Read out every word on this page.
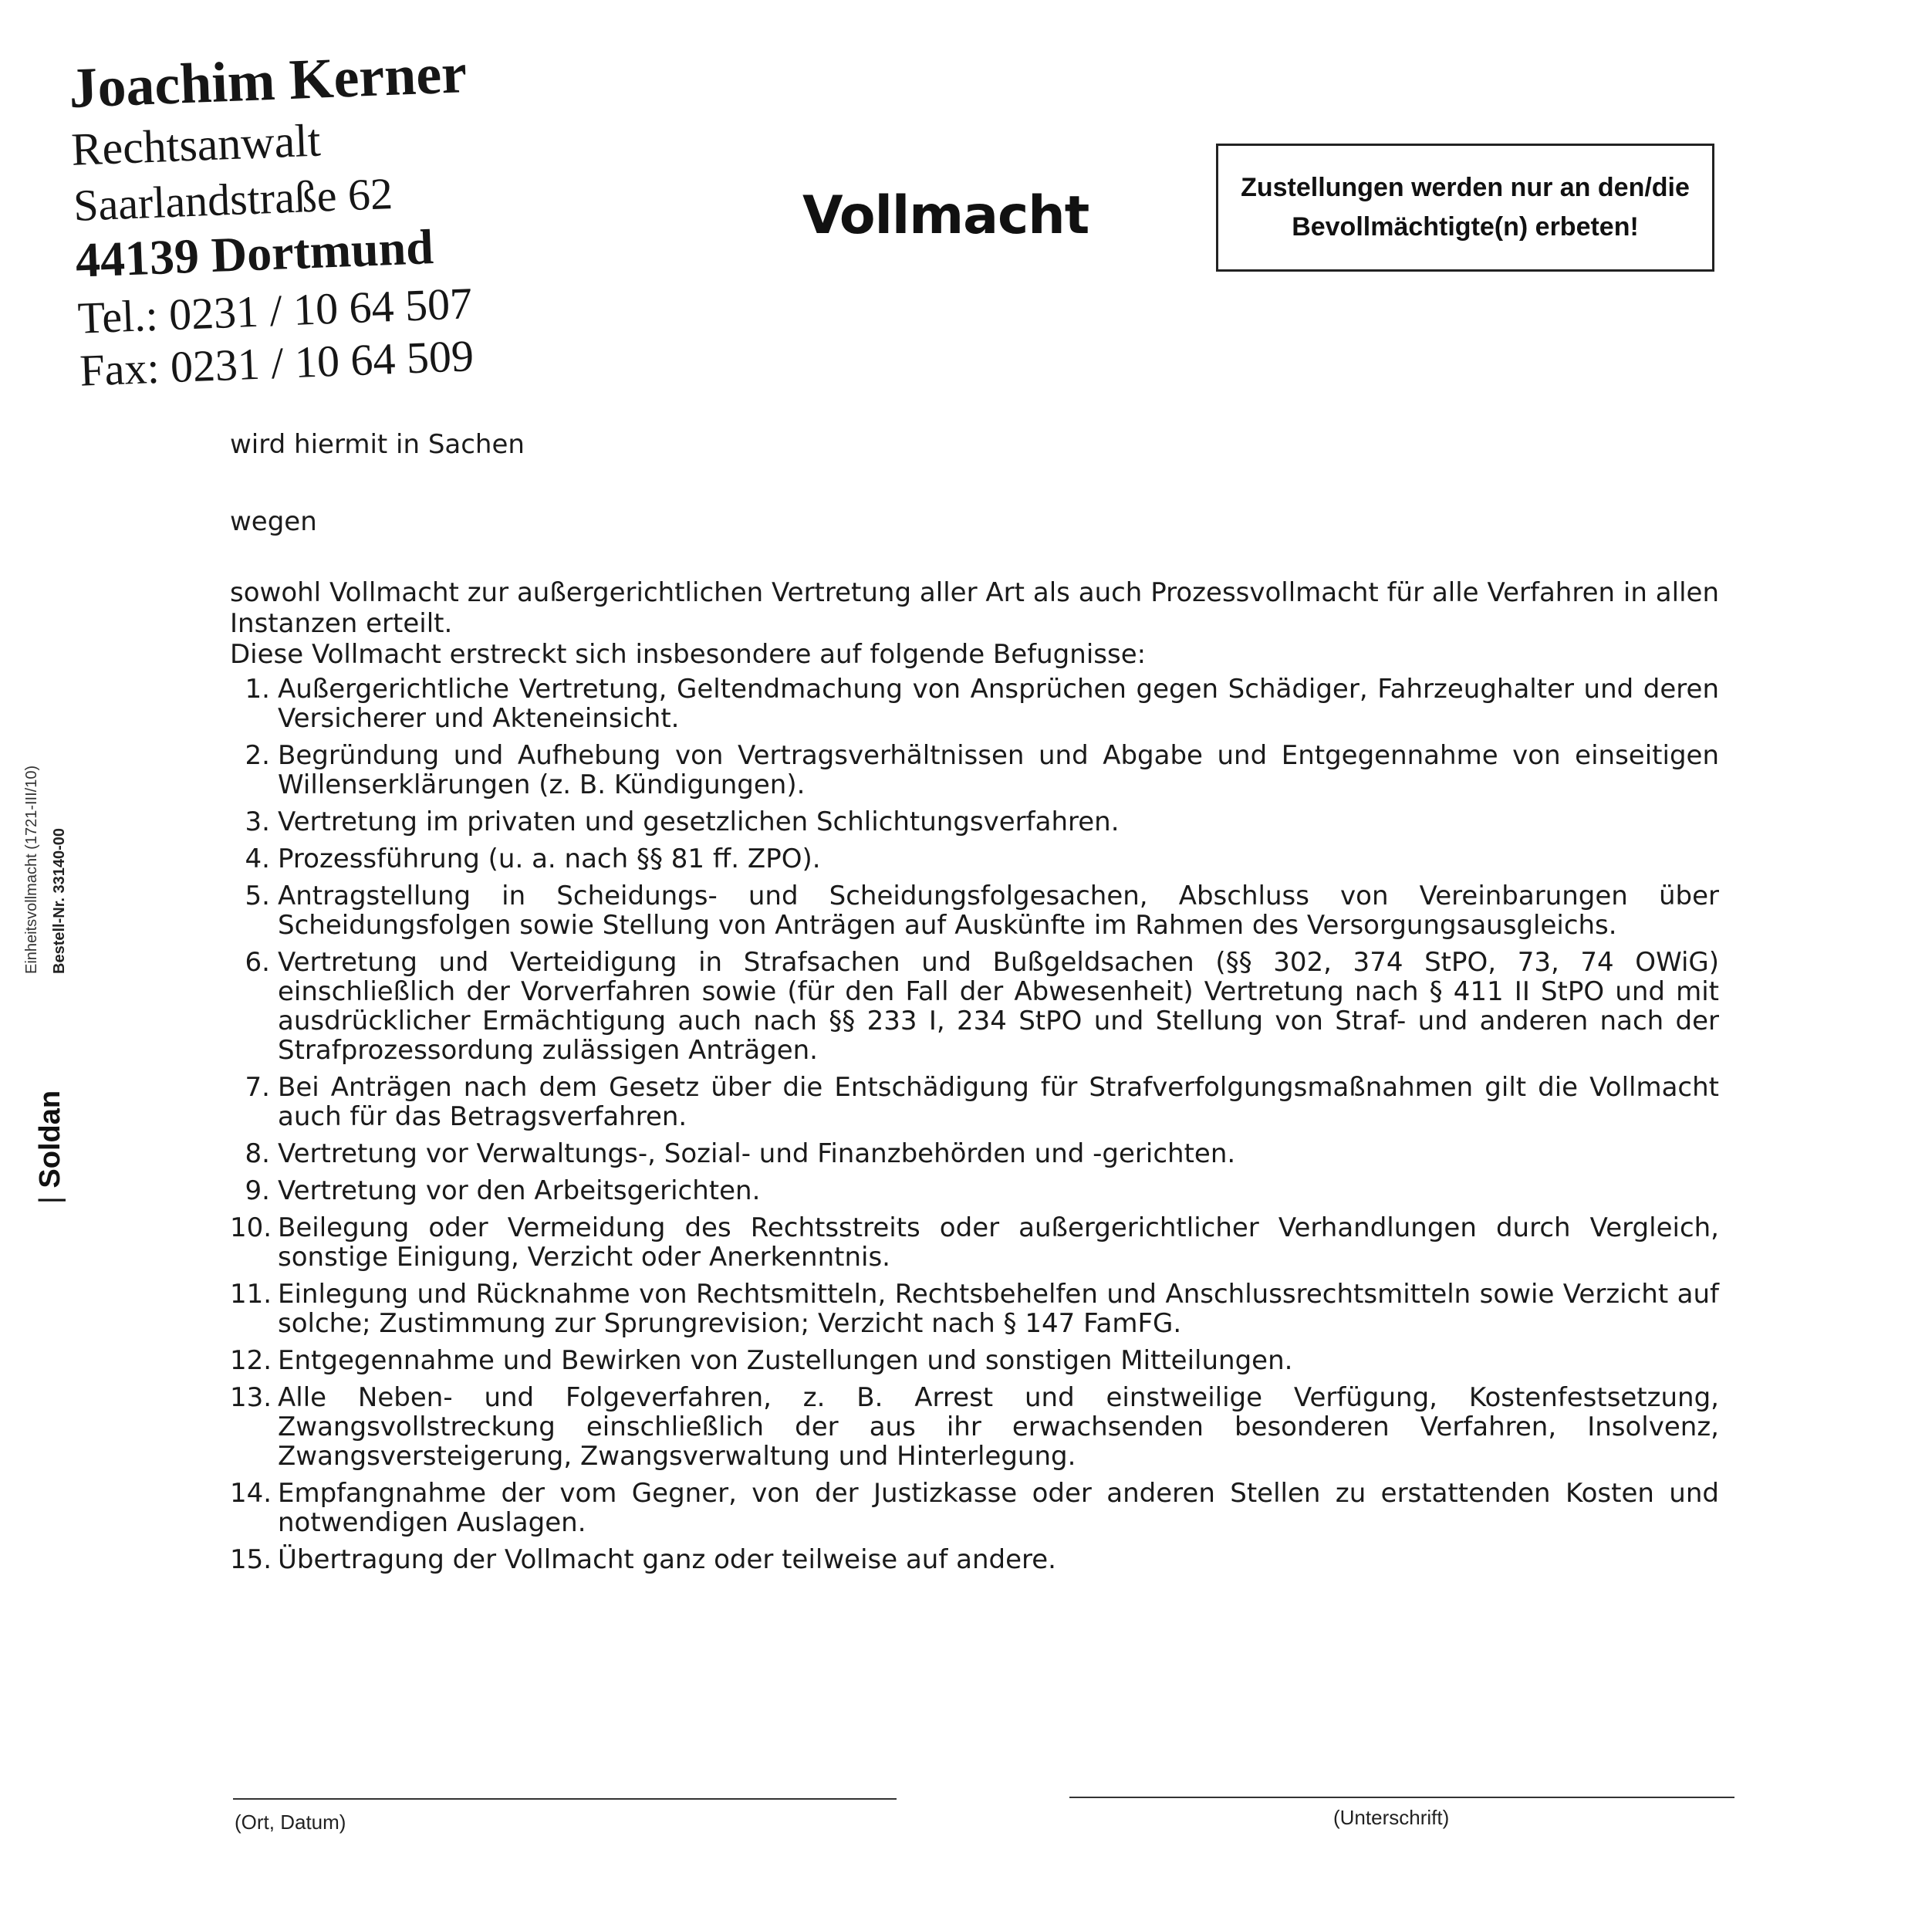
Joachim Kerner
Rechtsanwalt
Saarlandstraße 62
44139 Dortmund
Tel.: 0231 / 10 64 507
Fax: 0231 / 10 64 509
Vollmacht	Zustellungen werden nur an den/die
Bevollmächtigte(n) erbeten!
wird hiermit in Sachen
wegen
sowohl Vollmacht zur außergerichtlichen Vertretung aller Art als auch Prozessvollmacht für alle Verfahren in allen Instanzen erteilt.
Diese Vollmacht erstreckt sich insbesondere auf folgende Befugnisse:
1. Außergerichtliche Vertretung, Geltendmachung von Ansprüchen gegen Schädiger, Fahrzeughalter und deren Versicherer und Akteneinsicht.
2. Begründung und Aufhebung von Vertragsverhältnissen und Abgabe und Entgegennahme von einseitigen Willenserklärungen (z. B. Kündigungen).
3. Vertretung im privaten und gesetzlichen Schlichtungsverfahren.
4. Prozessführung (u. a. nach §§ 81 ff. ZPO).
5. Antragstellung in Scheidungs- und Scheidungsfolgesachen, Abschluss von Vereinbarungen über Scheidungsfolgen sowie Stellung von Anträgen auf Auskünfte im Rahmen des Versorgungsausgleichs.
6. Vertretung und Verteidigung in Strafsachen und Bußgeldsachen (§§ 302, 374 StPO, 73, 74 OWiG) einschließlich der Vorverfahren sowie (für den Fall der Abwesenheit) Vertretung nach § 411 II StPO und mit ausdrücklicher Ermächtigung auch nach §§ 233 I, 234 StPO und Stellung von Straf- und anderen nach der Strafprozessordung zulässigen Anträgen.
7. Bei Anträgen nach dem Gesetz über die Entschädigung für Strafverfolgungsmaßnahmen gilt die Vollmacht auch für das Betragsverfahren.
8. Vertretung vor Verwaltungs-, Sozial- und Finanzbehörden und -gerichten.
9. Vertretung vor den Arbeitsgerichten.
10. Beilegung oder Vermeidung des Rechtsstreits oder außergerichtlicher Verhandlungen durch Vergleich, sonstige Einigung, Verzicht oder Anerkenntnis.
11. Einlegung und Rücknahme von Rechtsmitteln, Rechtsbehelfen und Anschlussrechtsmitteln sowie Verzicht auf solche; Zustimmung zur Sprungrevision; Verzicht nach § 147 FamFG.
12. Entgegennahme und Bewirken von Zustellungen und sonstigen Mitteilungen.
13. Alle Neben- und Folgeverfahren, z. B. Arrest und einstweilige Verfügung, Kostenfestsetzung, Zwangsvollstreckung einschließlich der aus ihr erwachsenden besonderen Verfahren, Insolvenz, Zwangsversteigerung, Zwangsverwaltung und Hinterlegung.
14. Empfangnahme der vom Gegner, von der Justizkasse oder anderen Stellen zu erstattenden Kosten und notwendigen Auslagen.
15. Übertragung der Vollmacht ganz oder teilweise auf andere.
Einheitsvollmacht (1721-III/10) Bestell-Nr. 33140-00
| Soldan
(Ort, Datum)	(Unterschrift)
